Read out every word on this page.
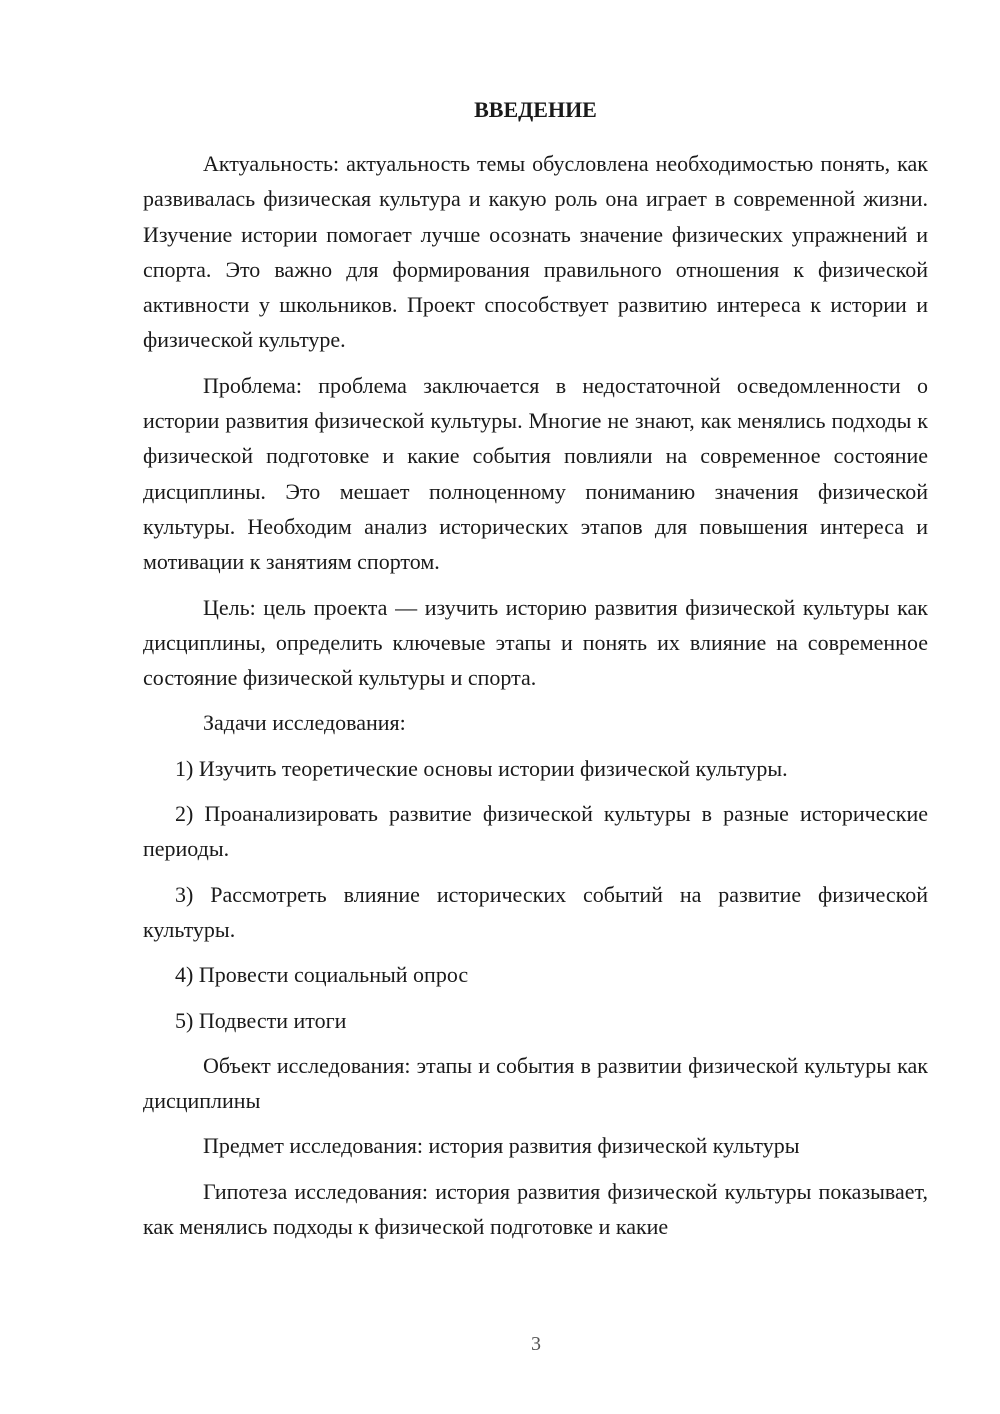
ВВЕДЕНИЕ

Актуальность: актуальность темы обусловлена необходимостью понять, как развивалась физическая культура и какую роль она играет в современной жизни. Изучение истории помогает лучше осознать значение физических упражнений и спорта. Это важно для формирования правильного отношения к физической активности у школьников. Проект способствует развитию интереса к истории и физической культуре.

Проблема: проблема заключается в недостаточной осведомленности о истории развития физической культуры. Многие не знают, как менялись подходы к физической подготовке и какие события повлияли на современное состояние дисциплины. Это мешает полноценному пониманию значения физической культуры. Необходим анализ исторических этапов для повышения интереса и мотивации к занятиям спортом.

Цель: цель проекта — изучить историю развития физической культуры как дисциплины, определить ключевые этапы и понять их влияние на современное состояние физической культуры и спорта.

Задачи исследования:

1) Изучить теоретические основы истории физической культуры.

2) Проанализировать развитие физической культуры в разные исторические периоды.

3) Рассмотреть влияние исторических событий на развитие физической культуры.

4) Провести социальный опрос

5) Подвести итоги

Объект исследования: этапы и события в развитии физической культуры как дисциплины

Предмет исследования: история развития физической культуры

Гипотеза исследования: история развития физической культуры показывает, как менялись подходы к физической подготовке и какие

3
